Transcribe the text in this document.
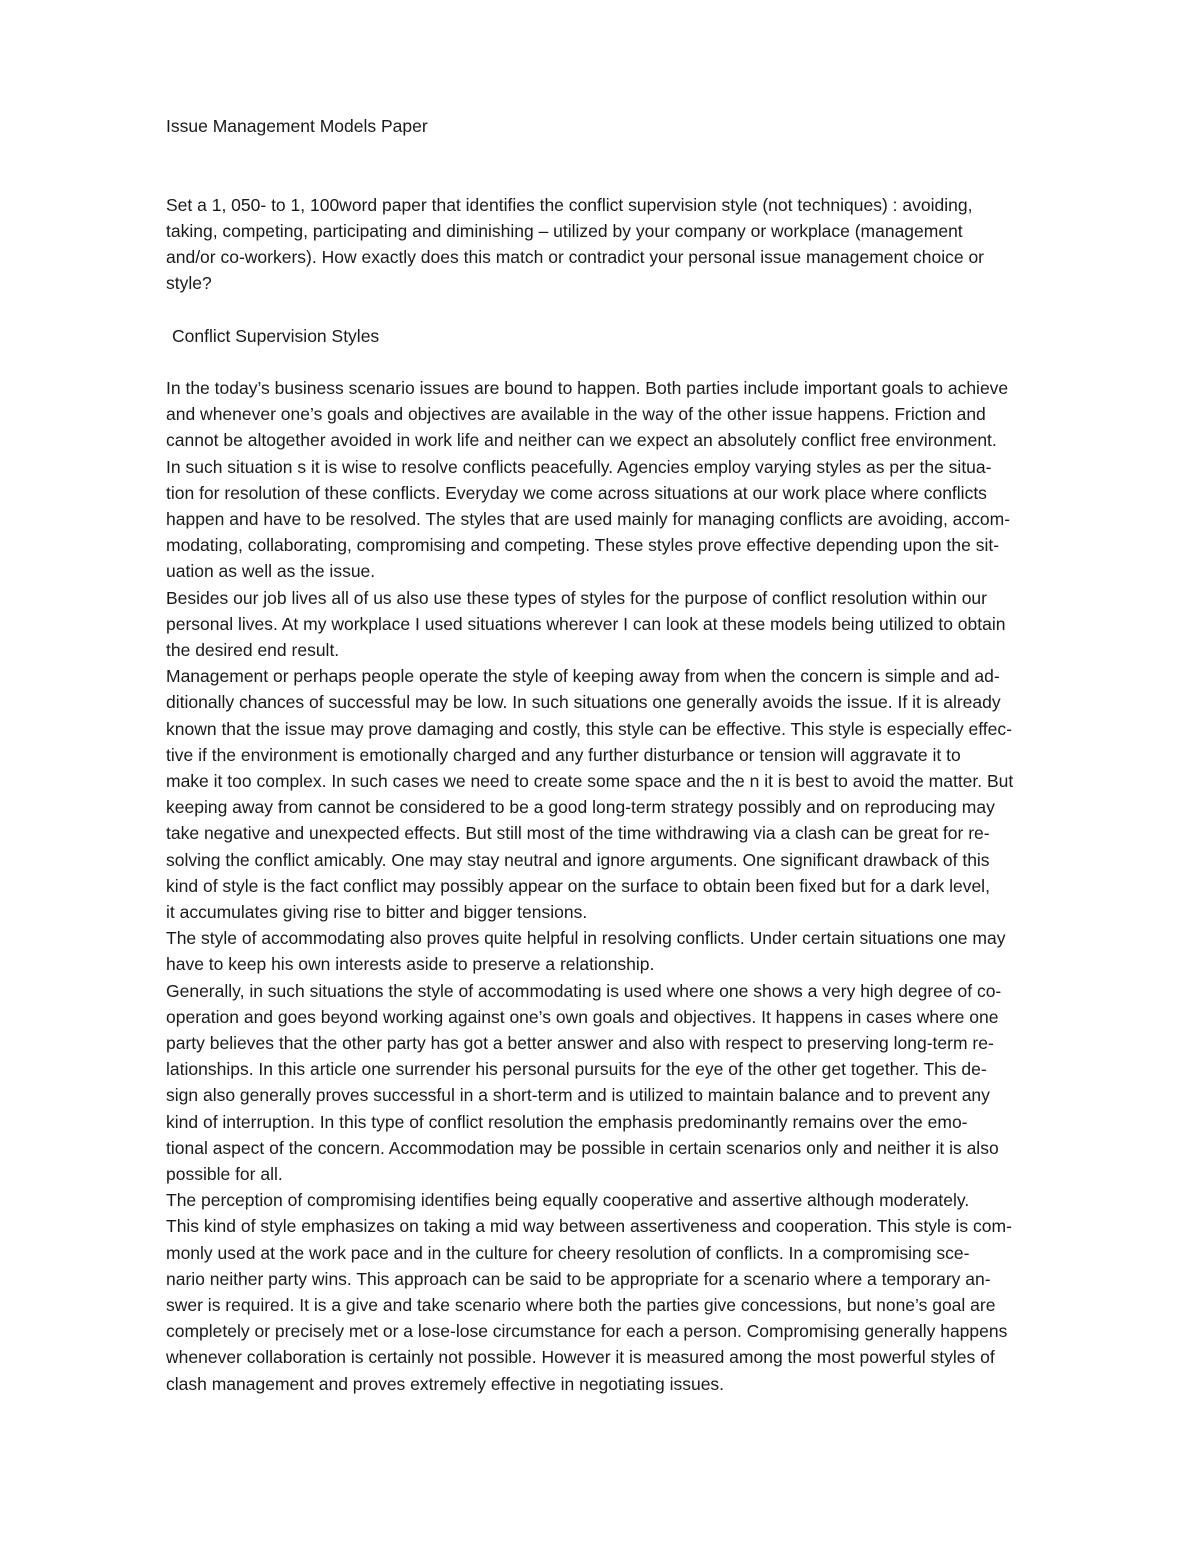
Issue Management Models Paper
Set a 1, 050- to 1, 100word paper that identifies the conflict supervision style (not techniques) : avoiding,
taking, competing, participating and diminishing – utilized by your company or workplace (management
and/or co-workers). How exactly does this match or contradict your personal issue management choice or
style?
Conflict Supervision Styles
In the today’s business scenario issues are bound to happen. Both parties include important goals to achieve
and whenever one’s goals and objectives are available in the way of the other issue happens. Friction and
cannot be altogether avoided in work life and neither can we expect an absolutely conflict free environment.
In such situation s it is wise to resolve conflicts peacefully. Agencies employ varying styles as per the situa-
tion for resolution of these conflicts. Everyday we come across situations at our work place where conflicts
happen and have to be resolved. The styles that are used mainly for managing conflicts are avoiding, accom-
modating, collaborating, compromising and competing. These styles prove effective depending upon the sit-
uation as well as the issue.
Besides our job lives all of us also use these types of styles for the purpose of conflict resolution within our
personal lives. At my workplace I used situations wherever I can look at these models being utilized to obtain
the desired end result.
Management or perhaps people operate the style of keeping away from when the concern is simple and ad-
ditionally chances of successful may be low. In such situations one generally avoids the issue. If it is already
known that the issue may prove damaging and costly, this style can be effective. This style is especially effec-
tive if the environment is emotionally charged and any further disturbance or tension will aggravate it to
make it too complex. In such cases we need to create some space and the n it is best to avoid the matter. But
keeping away from cannot be considered to be a good long-term strategy possibly and on reproducing may
take negative and unexpected effects. But still most of the time withdrawing via a clash can be great for re-
solving the conflict amicably. One may stay neutral and ignore arguments. One significant drawback of this
kind of style is the fact conflict may possibly appear on the surface to obtain been fixed but for a dark level,
it accumulates giving rise to bitter and bigger tensions.
The style of accommodating also proves quite helpful in resolving conflicts. Under certain situations one may
have to keep his own interests aside to preserve a relationship.
Generally, in such situations the style of accommodating is used where one shows a very high degree of co-
operation and goes beyond working against one’s own goals and objectives. It happens in cases where one
party believes that the other party has got a better answer and also with respect to preserving long-term re-
lationships. In this article one surrender his personal pursuits for the eye of the other get together. This de-
sign also generally proves successful in a short-term and is utilized to maintain balance and to prevent any
kind of interruption. In this type of conflict resolution the emphasis predominantly remains over the emo-
tional aspect of the concern. Accommodation may be possible in certain scenarios only and neither it is also
possible for all.
The perception of compromising identifies being equally cooperative and assertive although moderately.
This kind of style emphasizes on taking a mid way between assertiveness and cooperation. This style is com-
monly used at the work pace and in the culture for cheery resolution of conflicts. In a compromising sce-
nario neither party wins. This approach can be said to be appropriate for a scenario where a temporary an-
swer is required. It is a give and take scenario where both the parties give concessions, but none’s goal are
completely or precisely met or a lose-lose circumstance for each a person. Compromising generally happens
whenever collaboration is certainly not possible. However it is measured among the most powerful styles of
clash management and proves extremely effective in negotiating issues.
